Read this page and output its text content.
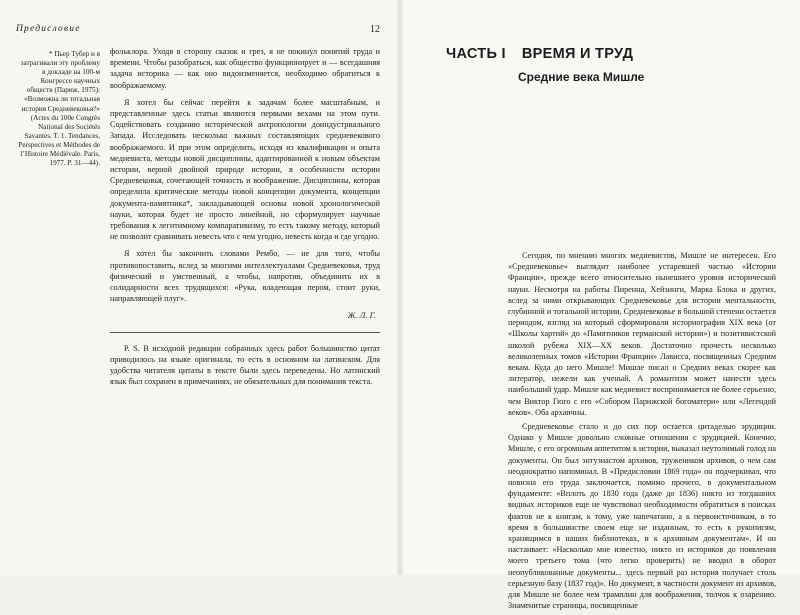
Предисловие	12
* Пьер Тубер и я затрагивали эту проблему в докладе на 100-м Конгрессе научных обществ (Париж, 1975): «Возможна ли тотальная история Средневековья?» (Actes du 100e Congrès National des Sociétés Savantes. T. 1. Tendances, Perspectives et Méthodes de l’Histoire Médiévale. Paris, 1977. P. 31—44).

фольклора. Уходя в сторону сказок и грез, я не покинул понятий труда и времени. Чтобы разобраться, как общество функционирует и — всегдашняя задача историка — как оно видоизменяется, необходимо обратиться к воображаемому.

Я хотел бы сейчас перейти к задачам более масштабным, и представленные здесь статьи являются первыми вехами на этом пути. Содействовать созданию исторической антропологии доиндустриального Запада. Исследовать несколько важных составляющих средневекового воображаемого. И при этом определить, исходя из квалификации и опыта медиевиста, методы новой дисциплины, адаптированной к новым объектам истории, верной двойной природе истории, в особенности истории Средневековья, сочетающей точность и воображение. Дисциплины, которая определила критические методы новой концепции документа, концепции документа-памятника*, закладывающей основы новой хронологической науки, которая будет не просто линейной, но сформулирует научные требования к легитимному компаративизму, то есть такому методу, который не позволит сравнивать невесть что с чем угодно, невесть когда и где угодно.

Я хотел бы закончить словами Рембо, — не для того, чтобы противопоставить, вслед за многими интеллектуалами Средневековья, труд физический и умственный, а чтобы, напротив, объединить их в солидарности всех трудящихся: «Рука, владеющая пером, стоит руки, направляющей плуг».

Ж. Л. Г.

P. S. В исходной редакции собранных здесь работ большинство цитат приводилось на языке оригинала, то есть в основном на латинском. Для удобства читателя цитаты в тексте были здесь переведены. Но латинский язык был сохранен в примечаниях, не обязательных для понимания текста.

ЧАСТЬ I ВРЕМЯ И ТРУД
Средние века Мишле

Сегодня, по мнению многих медиевистов, Мишле не интересен. Его «Средневековье» выглядит наиболее устаревшей частью «Истории Франции», прежде всего относительно нынешнего уровня исторической науки. Несмотря на работы Пиренна, Хейзинги, Марка Блока и других, вслед за ними открывающих Средневековье для истории ментальности, глубинной и тотальной истории, Средневековье в большой степени остается периодом, взгляд на который сформировали историография XIX века (от «Школы хартий» до «Памятников германской истории») и позитивистской школой рубежа XIX—XX веков. Достаточно прочесть несколько великолепных томов «Истории Франции» Лависса, посвященных Средним векам. Куда до него Мишле! Мишле писал о Средних веках скорее как литератор, нежели как ученый. А романтизм может нанести здесь наибольший удар. Мишле как медиевист воспринимается не более серьезно, чем Виктор Гюго с его «Собором Парижской богоматери» или «Легендой веков». Оба архаичны.

Средневековье стало и до сих пор остается цитаделью эрудиции. Однако у Мишле довольно сложные отношения с эрудицией. Конечно, Мишле, с его огромным аппетитом к истории, выказал неутолимый голод на документы. Он был энтузиастом архивов, тружеником архивов, о чем сам неоднократно напоминал. В «Предисловии 1869 года» он подчеркивал, что новизна его труда заключается, помимо прочего, в документальном фундаменте: «Вплоть до 1830 года (даже до 1836) никто из тогдашних видных историков еще не чувствовал необходимости обратиться в поисках фактов не к книгам, к тому, уже напечатано, а к первоисточникам, в то время в большинстве своем еще не изданным, то есть к рукописям, хранящимся в наших библиотеках, и к архивным документам». И он настаивает: «Насколько мне известно, никто из историков до появления моего третьего тома (что легко проверить) не вводил в оборот неопубликованные документы... здесь первый раз история получает столь серьезную базу (1837 год)». Но документ, в частности документ из архивов, для Мишле не более чем трамплин для воображения, толчок к озарению. Знаменитые страницы, посвященные
